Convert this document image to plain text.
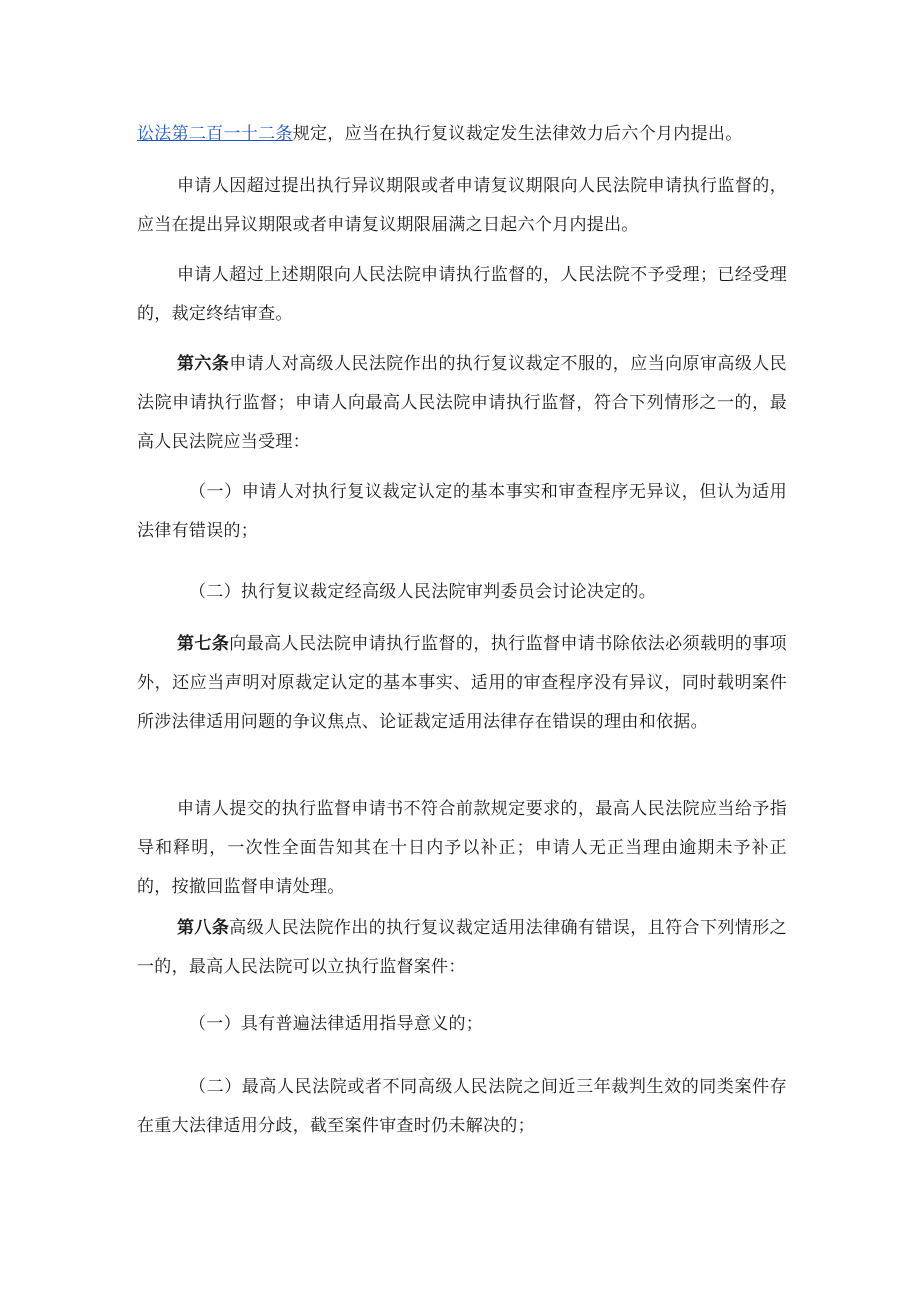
讼法第二百一十二条规定，应当在执行复议裁定发生法律效力后六个月内提出。

申请人因超过提出执行异议期限或者申请复议期限向人民法院申请执行监督的，应当在提出异议期限或者申请复议期限届满之日起六个月内提出。

申请人超过上述期限向人民法院申请执行监督的，人民法院不予受理；已经受理的，裁定终结审查。

第六条申请人对高级人民法院作出的执行复议裁定不服的，应当向原审高级人民法院申请执行监督；申请人向最高人民法院申请执行监督，符合下列情形之一的，最高人民法院应当受理：

（一）申请人对执行复议裁定认定的基本事实和审查程序无异议，但认为适用法律有错误的；

（二）执行复议裁定经高级人民法院审判委员会讨论决定的。

第七条向最高人民法院申请执行监督的，执行监督申请书除依法必须载明的事项外，还应当声明对原裁定认定的基本事实、适用的审查程序没有异议，同时载明案件所涉法律适用问题的争议焦点、论证裁定适用法律存在错误的理由和依据。

申请人提交的执行监督申请书不符合前款规定要求的，最高人民法院应当给予指导和释明，一次性全面告知其在十日内予以补正；申请人无正当理由逾期未予补正的，按撤回监督申请处理。

第八条高级人民法院作出的执行复议裁定适用法律确有错误，且符合下列情形之一的，最高人民法院可以立执行监督案件：

（一）具有普遍法律适用指导意义的；

（二）最高人民法院或者不同高级人民法院之间近三年裁判生效的同类案件存在重大法律适用分歧，截至案件审查时仍未解决的；
